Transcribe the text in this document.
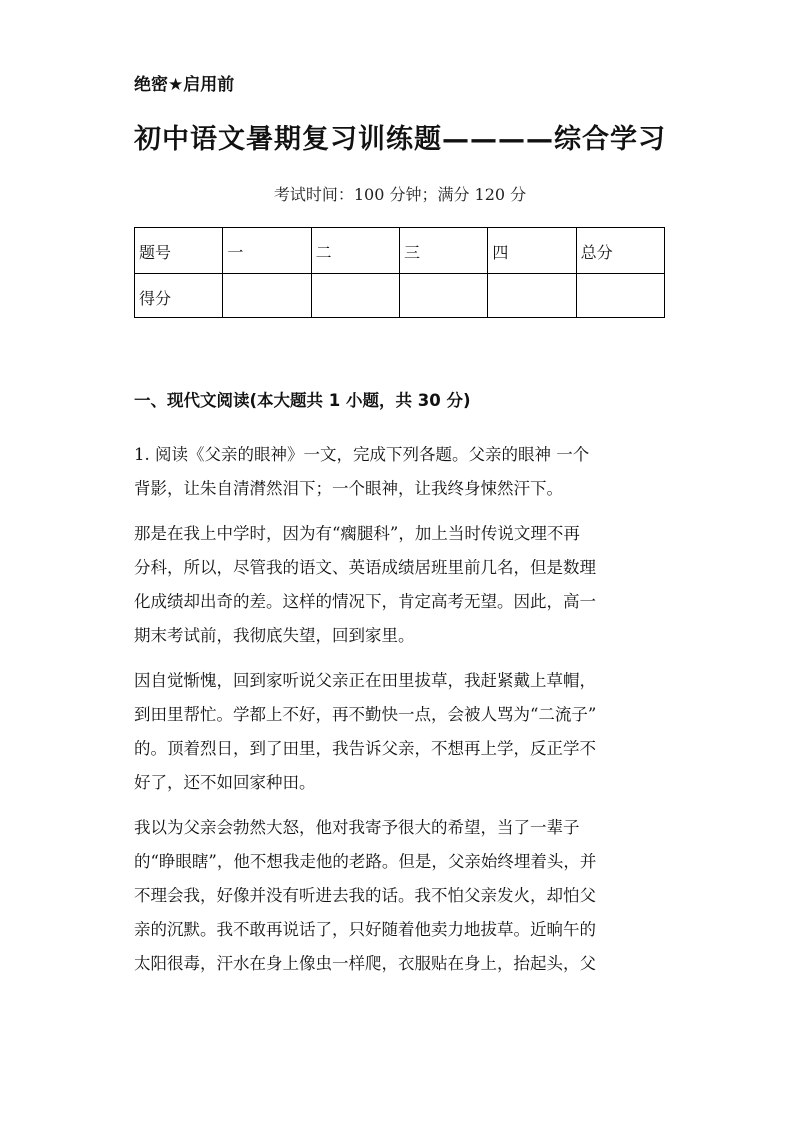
绝密★启用前
初中语文暑期复习训练题————综合学习
考试时间：100 分钟；满分 120 分
题号	一	二	三	四	总分
得分					
一、现代文阅读(本大题共 1 小题，共 30 分)

1. 阅读《父亲的眼神》一文，完成下列各题。父亲的眼神 一个
背影，让朱自清潸然泪下；一个眼神，让我终身悚然汗下。

那是在我上中学时，因为有“瘸腿科”，加上当时传说文理不再
分科，所以，尽管我的语文、英语成绩居班里前几名，但是数理
化成绩却出奇的差。这样的情况下，肯定高考无望。因此，高一
期末考试前，我彻底失望，回到家里。

因自觉惭愧，回到家听说父亲正在田里拔草，我赶紧戴上草帽，
到田里帮忙。学都上不好，再不勤快一点，会被人骂为“二流子”
的。顶着烈日，到了田里，我告诉父亲，不想再上学，反正学不
好了，还不如回家种田。

我以为父亲会勃然大怒，他对我寄予很大的希望，当了一辈子
的“睁眼瞎”，他不想我走他的老路。但是，父亲始终埋着头，并
不理会我，好像并没有听进去我的话。我不怕父亲发火，却怕父
亲的沉默。我不敢再说话了，只好随着他卖力地拔草。近晌午的
太阳很毒，汗水在身上像虫一样爬，衣服贴在身上，抬起头，父
